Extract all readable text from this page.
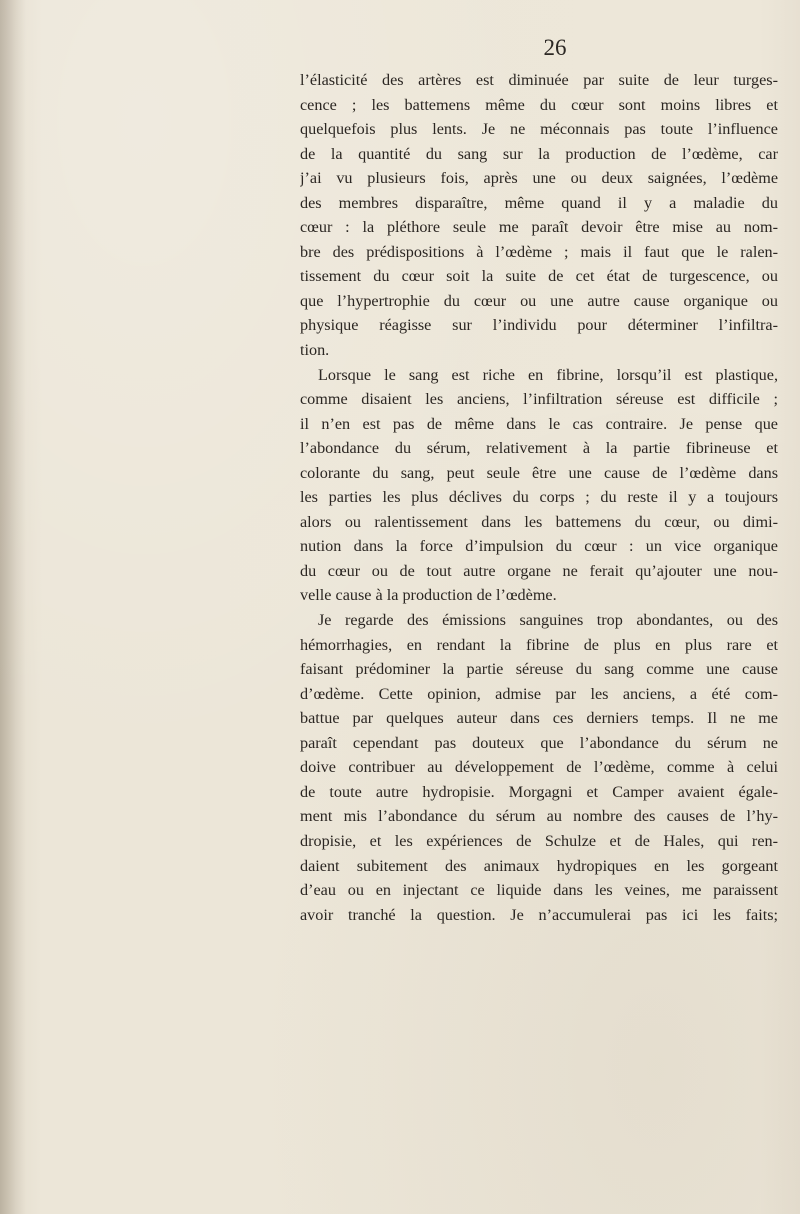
26

l’élasticité des artères est diminuée par suite de leur turges-

cence ; les battemens même du cœur sont moins libres et

quelquefois plus lents. Je ne méconnais pas toute l’influence

de la quantité du sang sur la production de l’œdème, car

j’ai vu plusieurs fois, après une ou deux saignées, l’œdème

des membres disparaître, même quand il y a maladie du

cœur : la pléthore seule me paraît devoir être mise au nom-

bre des prédispositions à l’œdème ; mais il faut que le ralen-

tissement du cœur soit la suite de cet état de turgescence, ou

que l’hypertrophie du cœur ou une autre cause organique ou

physique réagisse sur l’individu pour déterminer l’infiltra-

tion.

Lorsque le sang est riche en fibrine, lorsqu’il est plastique,

comme disaient les anciens, l’infiltration séreuse est difficile ;

il n’en est pas de même dans le cas contraire. Je pense que

l’abondance du sérum, relativement à la partie fibrineuse et

colorante du sang, peut seule être une cause de l’œdème dans

les parties les plus déclives du corps ; du reste il y a toujours

alors ou ralentissement dans les battemens du cœur, ou dimi-

nution dans la force d’impulsion du cœur : un vice organique

du cœur ou de tout autre organe ne ferait qu’ajouter une nou-

velle cause à la production de l’œdème.

Je regarde des émissions sanguines trop abondantes, ou des

hémorrhagies, en rendant la fibrine de plus en plus rare et

faisant prédominer la partie séreuse du sang comme une cause

d’œdème. Cette opinion, admise par les anciens, a été com-

battue par quelques auteur dans ces derniers temps. Il ne me

paraît cependant pas douteux que l’abondance du sérum ne

doive contribuer au développement de l’œdème, comme à celui

de toute autre hydropisie. Morgagni et Camper avaient égale-

ment mis l’abondance du sérum au nombre des causes de l’hy-

dropisie, et les expériences de Schulze et de Hales, qui ren-

daient subitement des animaux hydropiques en les gorgeant

d’eau ou en injectant ce liquide dans les veines, me paraissent

avoir tranché la question. Je n’accumulerai pas ici les faits;
